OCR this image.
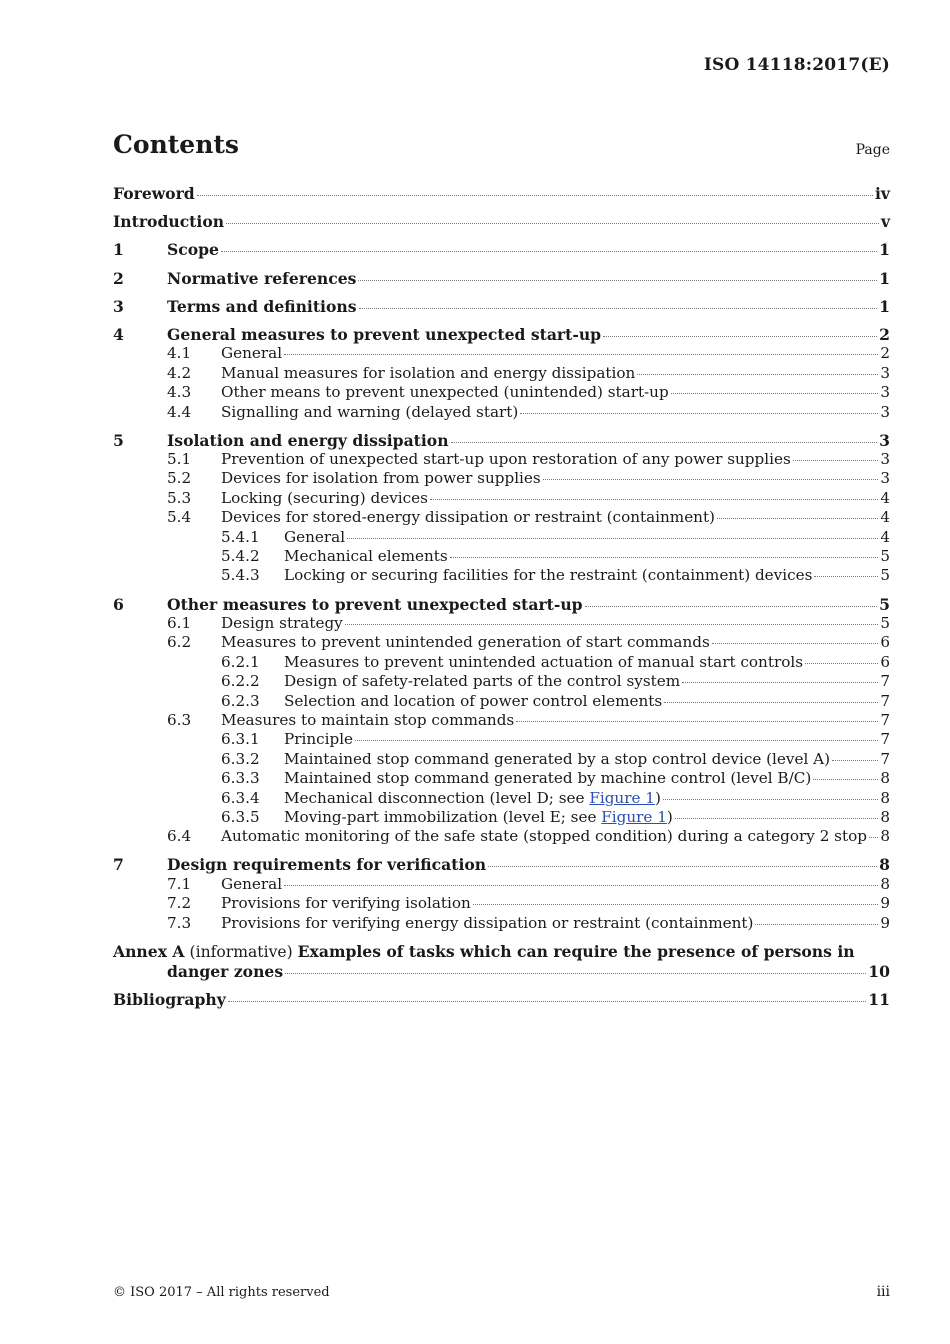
ISO 14118:2017(E)
Contents	Page
Foreword	iv
Introduction	v
1	Scope	1
2	Normative references	1
3	Terms and definitions	1
4	General measures to prevent unexpected start-up	2
4.1	General	2
4.2	Manual measures for isolation and energy dissipation	3
4.3	Other means to prevent unexpected (unintended) start-up	3
4.4	Signalling and warning (delayed start)	3
5	Isolation and energy dissipation	3
5.1	Prevention of unexpected start-up upon restoration of any power supplies	3
5.2	Devices for isolation from power supplies	3
5.3	Locking (securing) devices	4
5.4	Devices for stored-energy dissipation or restraint (containment)	4
5.4.1	General	4
5.4.2	Mechanical elements	5
5.4.3	Locking or securing facilities for the restraint (containment) devices	5
6	Other measures to prevent unexpected start-up	5
6.1	Design strategy	5
6.2	Measures to prevent unintended generation of start commands	6
6.2.1	Measures to prevent unintended actuation of manual start controls	6
6.2.2	Design of safety-related parts of the control system	7
6.2.3	Selection and location of power control elements	7
6.3	Measures to maintain stop commands	7
6.3.1	Principle	7
6.3.2	Maintained stop command generated by a stop control device (level A)	7
6.3.3	Maintained stop command generated by machine control (level B/C)	8
6.3.4	Mechanical disconnection (level D; see Figure 1)	8
6.3.5	Moving-part immobilization (level E; see Figure 1)	8
6.4	Automatic monitoring of the safe state (stopped condition) during a category 2 stop 8
7	Design requirements for verification	8
7.1	General	8
7.2	Provisions for verifying isolation	9
7.3	Provisions for verifying energy dissipation or restraint (containment)	9
Annex A (informative) Examples of tasks which can require the presence of persons in
danger zones	10
Bibliography	11
© ISO 2017 – All rights reserved	iii
